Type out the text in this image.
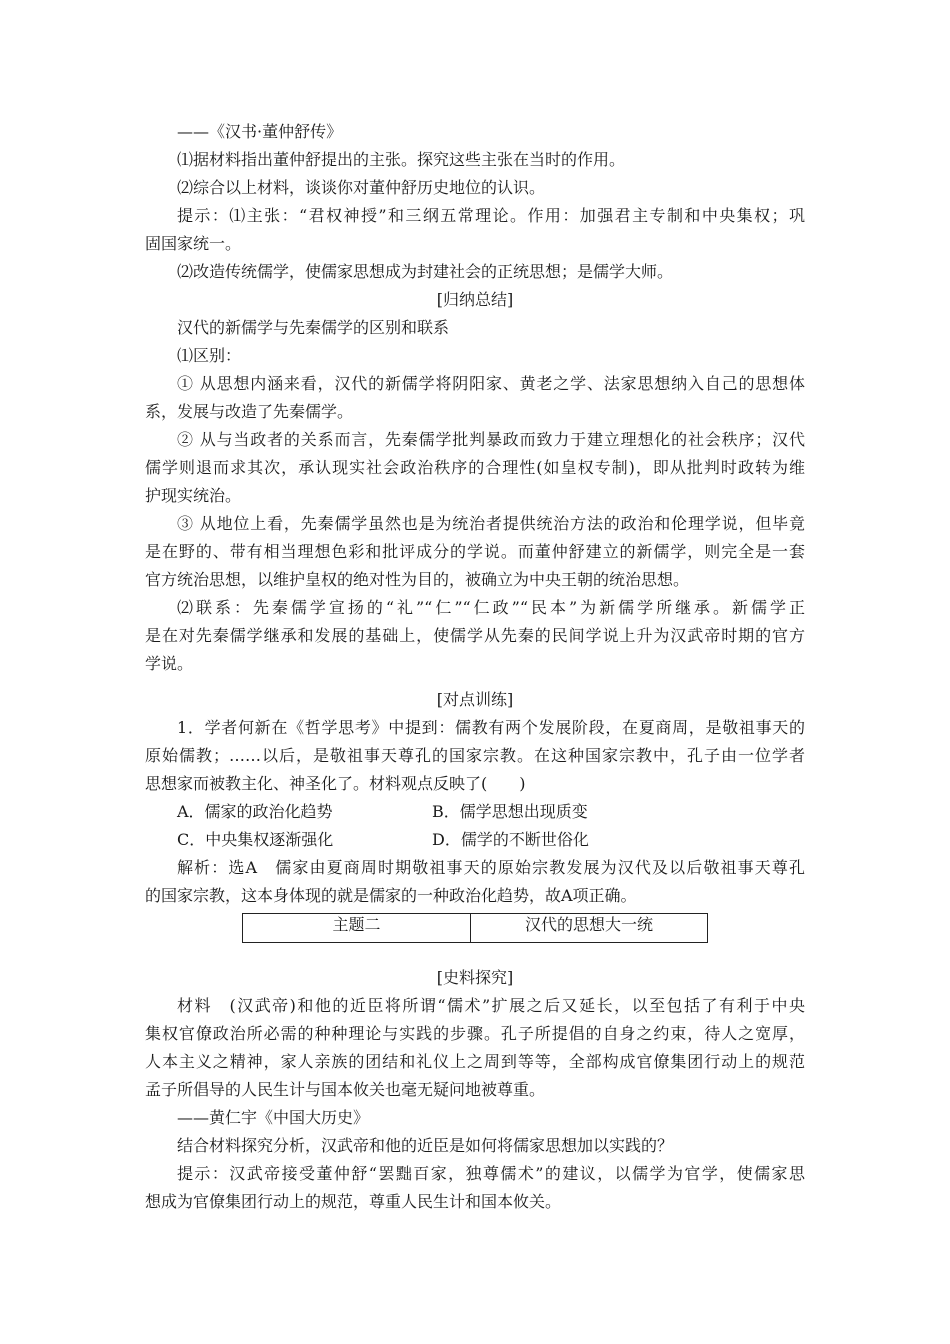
——《汉书·董仲舒传》
⑴据材料指出董仲舒提出的主张。探究这些主张在当时的作用。
⑵综合以上材料，谈谈你对董仲舒历史地位的认识。
提示：⑴主张：“君权神授”和三纲五常理论。作用：加强君主专制和中央集权；巩
固国家统一。
⑵改造传统儒学，使儒家思想成为封建社会的正统思想；是儒学大师。
[归纳总结]
汉代的新儒学与先秦儒学的区别和联系
⑴区别：
① 从思想内涵来看，汉代的新儒学将阴阳家、黄老之学、法家思想纳入自己的思想体
系，发展与改造了先秦儒学。
② 从与当政者的关系而言，先秦儒学批判暴政而致力于建立理想化的社会秩序；汉代
儒学则退而求其次，承认现实社会政治秩序的合理性(如皇权专制)，即从批判时政转为维
护现实统治。
③ 从地位上看，先秦儒学虽然也是为统治者提供统治方法的政治和伦理学说，但毕竟
是在野的、带有相当理想色彩和批评成分的学说。而董仲舒建立的新儒学，则完全是一套
官方统治思想，以维护皇权的绝对性为目的，被确立为中央王朝的统治思想。
⑵联系：先秦儒学宣扬的“礼”“仁”“仁政”“民本”为新儒学所继承。新儒学正
是在对先秦儒学继承和发展的基础上，使儒学从先秦的民间学说上升为汉武帝时期的官方
学说。
[对点训练]
1．学者何新在《哲学思考》中提到：儒教有两个发展阶段，在夏商周，是敬祖事天的
原始儒教；……以后，是敬祖事天尊孔的国家宗教。在这种国家宗教中，孔子由一位学者
思想家而被教主化、神圣化了。材料观点反映了(　　)
A．儒家的政治化趋势	B．儒学思想出现质变
C．中央集权逐渐强化	D．儒学的不断世俗化
解析：选A　儒家由夏商周时期敬祖事天的原始宗教发展为汉代及以后敬祖事天尊孔
的国家宗教，这本身体现的就是儒家的一种政治化趋势，故A项正确。
主题二	汉代的思想大一统
[史料探究]
材料　(汉武帝)和他的近臣将所谓“儒术”扩展之后又延长，以至包括了有利于中央
集权官僚政治所必需的种种理论与实践的步骤。孔子所提倡的自身之约束，待人之宽厚，
人本主义之精神，家人亲族的团结和礼仪上之周到等等，全部构成官僚集团行动上的规范
孟子所倡导的人民生计与国本攸关也毫无疑问地被尊重。
——黄仁宇《中国大历史》
结合材料探究分析，汉武帝和他的近臣是如何将儒家思想加以实践的？
提示：汉武帝接受董仲舒“罢黜百家，独尊儒术”的建议，以儒学为官学，使儒家思
想成为官僚集团行动上的规范，尊重人民生计和国本攸关。
